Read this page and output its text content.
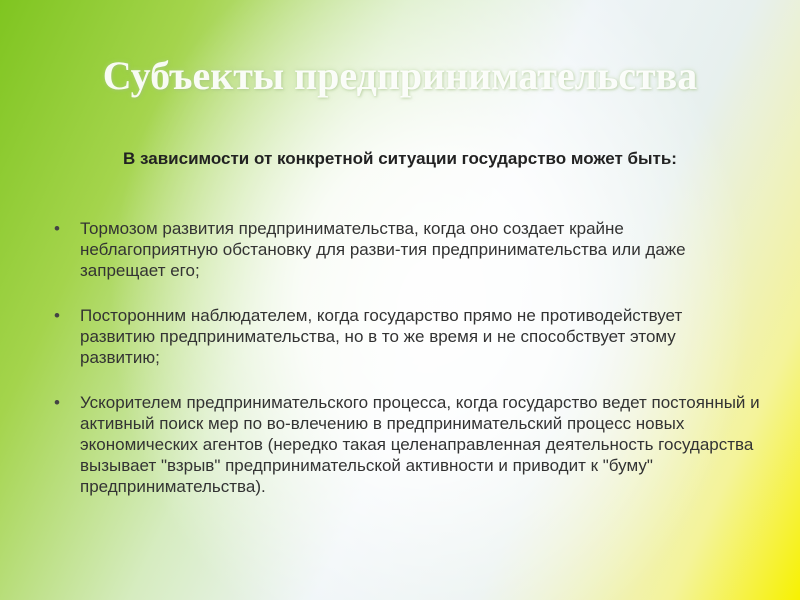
Субъекты предпринимательства
В зависимости от конкретной ситуации государство может быть:
• Тормозом развития предпринимательства, когда оно создает крайне неблагоприятную обстановку для разви-тия предпринимательства или даже запрещает его;
• Посторонним наблюдателем, когда государство прямо не противодействует развитию предпринимательства, но в то же время и не способствует этому развитию;
• Ускорителем предпринимательского процесса, когда государство ведет постоянный и активный поиск мер по во-влечению в предпринимательский процесс новых экономических агентов (нередко такая целенаправленная деятельность государства вызывает "взрыв" предпринимательской активности и приводит к "буму" предпринимательства).
